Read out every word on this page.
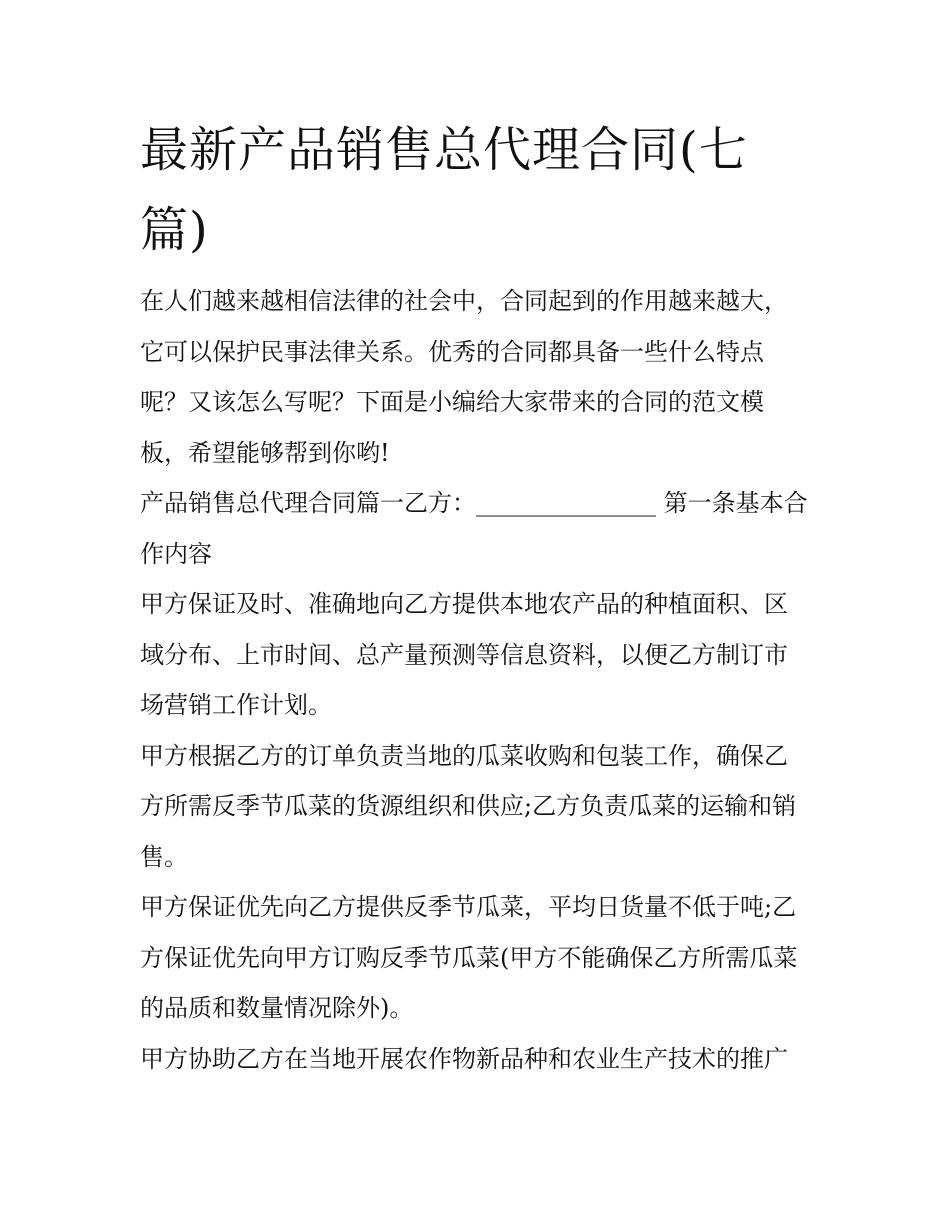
最新产品销售总代理合同(七篇)

在人们越来越相信法律的社会中，合同起到的作用越来越大，它可以保护民事法律关系。优秀的合同都具备一些什么特点呢？又该怎么写呢？下面是小编给大家带来的合同的范文模板，希望能够帮到你哟!

产品销售总代理合同篇一乙方：_______________ 第一条基本合作内容

甲方保证及时、准确地向乙方提供本地农产品的种植面积、区域分布、上市时间、总产量预测等信息资料，以便乙方制订市场营销工作计划。

甲方根据乙方的订单负责当地的瓜菜收购和包装工作，确保乙方所需反季节瓜菜的货源组织和供应;乙方负责瓜菜的运输和销售。

甲方保证优先向乙方提供反季节瓜菜，平均日货量不低于吨;乙方保证优先向甲方订购反季节瓜菜(甲方不能确保乙方所需瓜菜的品质和数量情况除外)。

甲方协助乙方在当地开展农作物新品种和农业生产技术的推广
